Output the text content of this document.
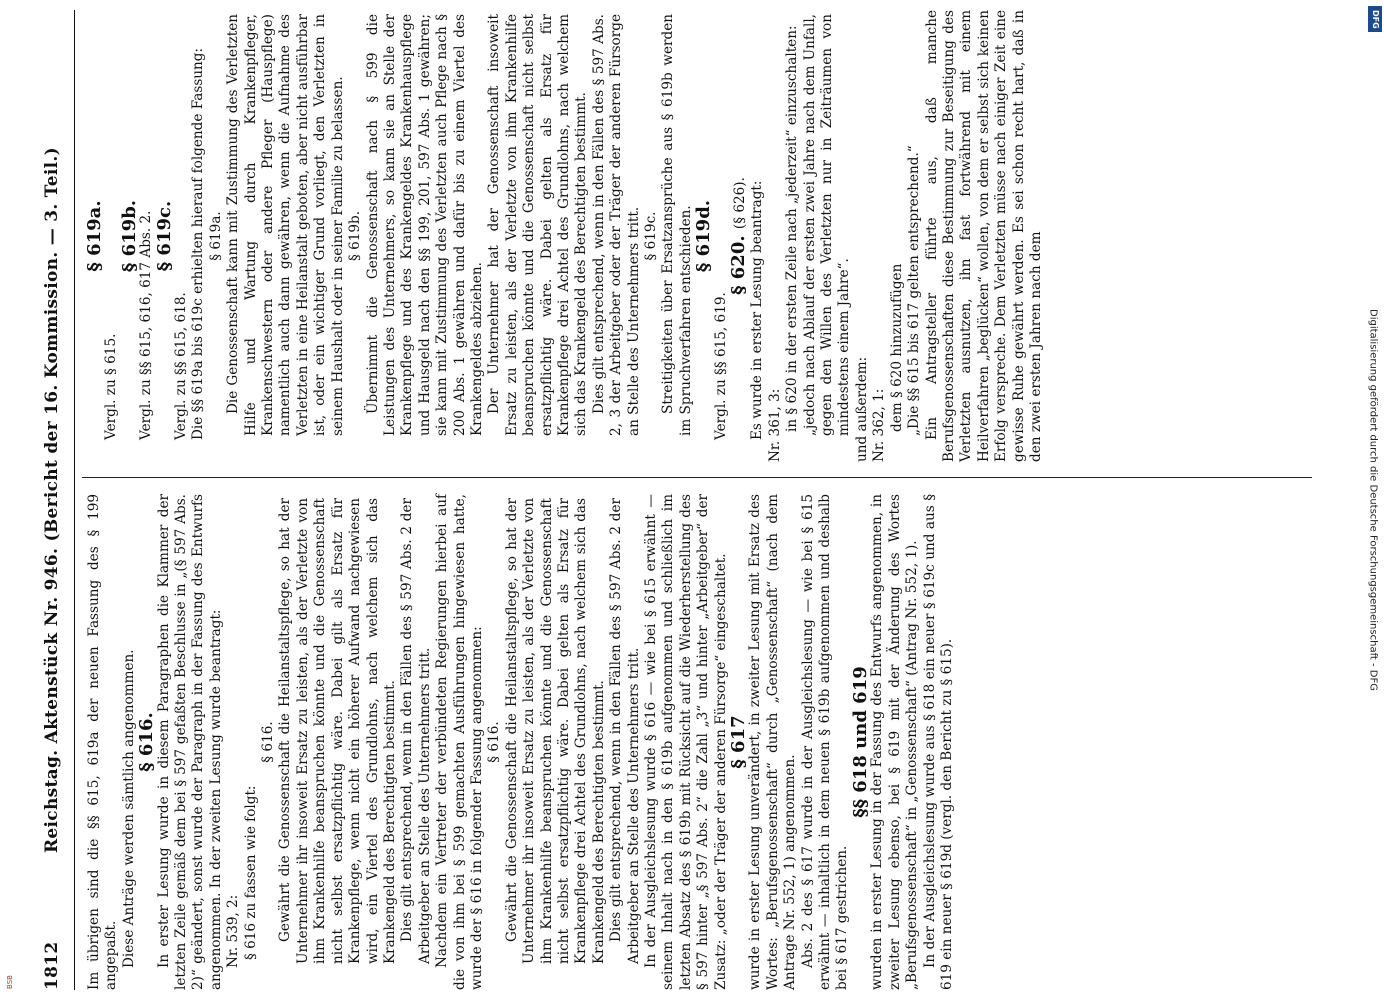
1812
Reichstag. Aktenstück Nr. 946. (Bericht der 16. Kommission. — 3. Teil.) Im übrigen sind die §§ 615, 619a der neuen Fassung des § 199 angepaßt. Diese Anträge werden sämtlich angenommen. § 616.

In erster Lesung wurde in diesem Paragraphen die Klammer der letzten Zeile gemäß dem bei § 597 gefaßten Beschlusse in „(§ 597 Abs. 2)“ geändert, sonst wurde der Paragraph in der Fassung des Entwurfs angenommen. In der zweiten Lesung wurde beantragt: Nr. 539, 2: § 616 zu fassen wie folgt:

§ 616. Gewährt die Genossenschaft die Heilanstaltspflege, so hat der Unternehmer ihr insoweit Ersatz zu leisten, als der Verletzte von ihm Krankenhilfe beanspruchen könnte und die Genossenschaft nicht selbst ersatzpflichtig wäre. Dabei gilt als Ersatz für Krankenpflege, wenn nicht ein höherer Aufwand nachgewiesen wird, ein Viertel des Grundlohns, nach welchem sich das Krankengeld des Berechtigten bestimmt. Dies gilt entsprechend, wenn in den Fällen des § 597 Abs. 2 der Arbeitgeber an Stelle des Unternehmers tritt. Nachdem ein Vertreter der verbündeten Regierungen hierbei auf die von ihm bei § 599 gemachten Ausführungen hingewiesen hatte, wurde der § 616 in folgender Fassung angenommen: § 616. Gewährt die Genossenschaft die Heilanstaltspflege, so hat der Unternehmer ihr insoweit Ersatz zu leisten, als der Verletzte von ihm Krankenhilfe beanspruchen könnte und die Genossenschaft nicht selbst ersatzpflichtig wäre. Dabei gelten als Ersatz für Krankenpflege drei Achtel des Grundlohns, nach welchem sich das Krankengeld des Berechtigten bestimmt. Dies gilt entsprechend, wenn in den Fällen des § 597 Abs. 2 der Arbeitgeber an Stelle des Unternehmers tritt. In der Ausgleichslesung wurde § 616 — wie bei § 615 erwähnt — seinem Inhalt nach in den § 619b aufgenommen und schließlich im letzten Absatz des § 619b mit Rücksicht auf die Wiederherstellung des § 597 hinter „§ 597 Abs. 2“ die Zahl „3“ und hinter „Arbeitgeber“ der Zusatz: „oder der Träger der anderen Fürsorge“ eingeschaltet. § 617

wurde in erster Lesung unverändert, in zweiter Lesung mit Ersatz des Wortes: „Berufsgenossenschaft“ durch „Genossenschaft“ (nach dem Antrage Nr. 552, 1) angenommen. Abs. 2 des § 617 wurde in der Ausgleichslesung — wie bei § 615 erwähnt — inhaltlich in dem neuen § 619b aufgenommen und deshalb bei § 617 gestrichen.

§§ 618 und 619

wurden in erster Lesung in der Fassung des Entwurfs angenommen, in zweiter Lesung ebenso, bei § 619 mit der Änderung des Wortes „Berufsgenossenschaft“ in „Genossenschaft“ (Antrag Nr. 552, 1). In der Ausgleichslesung wurde aus § 618 ein neuer § 619c und aus § 619 ein neuer § 619d (vergl. den Bericht zu § 615).

§ 619a.

Vergl. zu § 615.

§ 619b.

Vergl. zu §§ 615, 616, 617 Abs. 2. § 619c.

Vergl. zu §§ 615, 618. Die §§ 619a bis 619c erhielten hierauf folgende Fassung: § 619a. Die Genossenschaft kann mit Zustimmung des Verletzten Hilfe und Wartung durch Krankenpfleger, Krankenschwestern oder andere Pfleger (Hauspflege) namentlich auch dann gewähren, wenn die Aufnahme des Verletzten in eine Heilanstalt geboten, aber nicht ausführbar ist, oder ein wichtiger Grund vorliegt, den Verletzten in seinem Haushalt oder in seiner Familie zu belassen. § 619b. Übernimmt die Genossenschaft nach § 599 die Leistungen des Unternehmers, so kann sie an Stelle der Krankenpflege und des Krankengeldes Krankenhauspflege und Hausgeld nach den §§ 199, 201, 597 Abs. 1 gewähren; sie kann mit Zustimmung des Verletzten auch Pflege nach § 200 Abs. 1 gewähren und dafür bis zu einem Viertel des Krankengeldes abziehen. Der Unternehmer hat der Genossenschaft insoweit Ersatz zu leisten, als der Verletzte von ihm Krankenhilfe beanspruchen könnte und die Genossenschaft nicht selbst ersatzpflichtig wäre. Dabei gelten als Ersatz für Krankenpflege drei Achtel des Grundlohns, nach welchem sich das Krankengeld des Berechtigten bestimmt. Dies gilt entsprechend, wenn in den Fällen des § 597 Abs. 2, 3 der Arbeitgeber oder der Träger der anderen Fürsorge an Stelle des Unternehmers tritt. § 619c. Streitigkeiten über Ersatzansprüche aus § 619b werden im Spruchverfahren entschieden. § 619d.

Vergl. zu §§ 615, 619.

§ 620. (§ 626). Es wurde in erster Lesung beantragt: Nr. 361, 3: in § 620 in der ersten Zeile nach „jederzeit“ einzuschalten: „jedoch nach Ablauf der ersten zwei Jahre nach dem Unfall, gegen den Willen des Verletzten nur in Zeiträumen von mindestens einem Jahre“. und außerdem: Nr. 362, 1: dem § 620 hinzuzufügen „Die §§ 615 bis 617 gelten entsprechend.“ Ein Antragsteller führte aus, daß manche Berufsgenossenschaften diese Bestimmung zur Beseitigung des Verletzten ausnutzen, ihn fast fortwährend mit einem Heilverfahren „beglücken“ wollen, von dem er selbst sich keinen Erfolg verspreche. Dem Verletzten müsse nach einiger Zeit eine gewisse Ruhe gewährt werden. Es sei schon recht hart, daß in den zwei ersten Jahren nach dem	Digitalisierung gefördert durch die Deutsche Forschungsgemeinschaft - DFG
DFG
BSB
